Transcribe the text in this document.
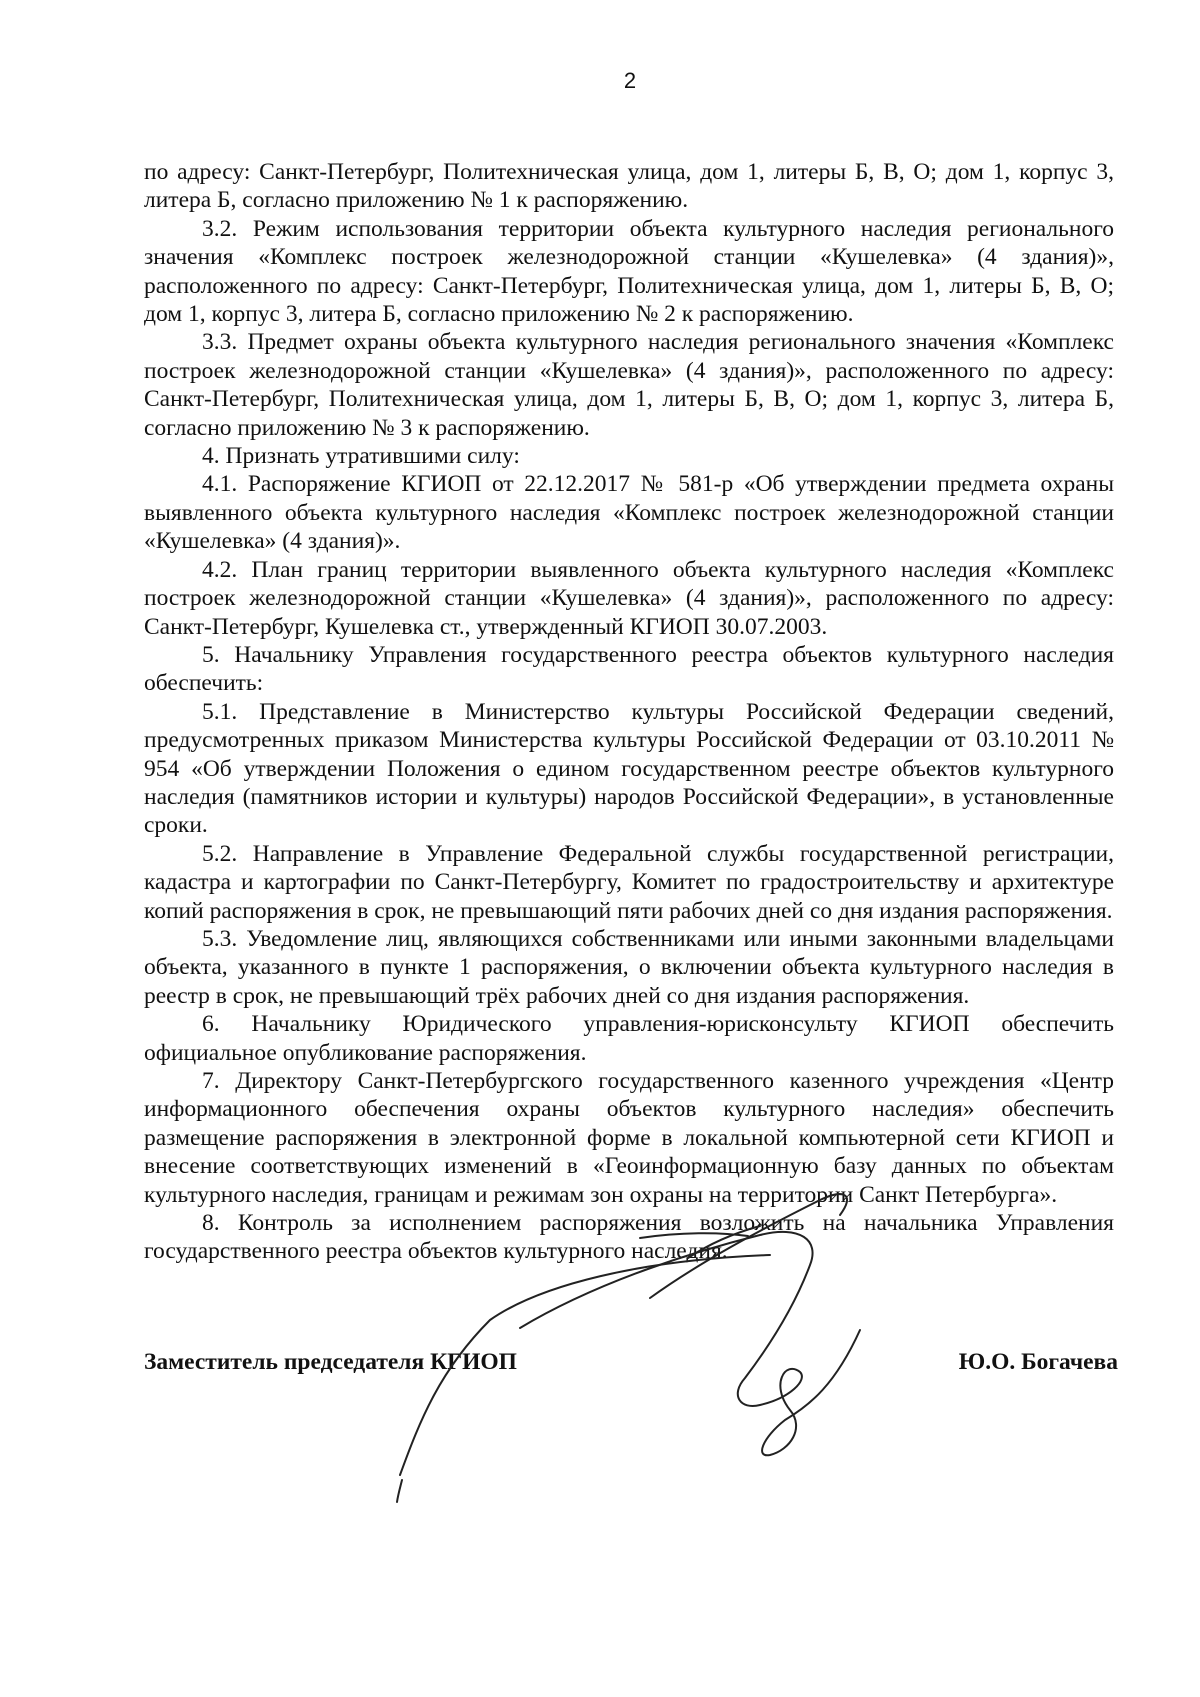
2

по адресу: Санкт-Петербург, Политехническая улица, дом 1, литеры Б, В, О; дом 1, корпус 3, литера Б, согласно приложению № 1 к распоряжению.

3.2. Режим использования территории объекта культурного наследия регионального значения «Комплекс построек железнодорожной станции «Кушелевка» (4 здания)», расположенного по адресу: Санкт-Петербург, Политехническая улица, дом 1, литеры Б, В, О; дом 1, корпус 3, литера Б, согласно приложению № 2 к распоряжению.

3.3. Предмет охраны объекта культурного наследия регионального значения «Комплекс построек железнодорожной станции «Кушелевка» (4 здания)», расположенного по адресу: Санкт-Петербург, Политехническая улица, дом 1, литеры Б, В, О; дом 1, корпус 3, литера Б, согласно приложению № 3 к распоряжению.

4. Признать утратившими силу:

4.1. Распоряжение КГИОП от 22.12.2017 № 581-р «Об утверждении предмета охраны выявленного объекта культурного наследия «Комплекс построек железнодорожной станции «Кушелевка» (4 здания)».

4.2. План границ территории выявленного объекта культурного наследия «Комплекс построек железнодорожной станции «Кушелевка» (4 здания)», расположенного по адресу: Санкт-Петербург, Кушелевка ст., утвержденный КГИОП 30.07.2003.

5. Начальнику Управления государственного реестра объектов культурного наследия обеспечить:

5.1. Представление в Министерство культуры Российской Федерации сведений, предусмотренных приказом Министерства культуры Российской Федерации от 03.10.2011 № 954 «Об утверждении Положения о едином государственном реестре объектов культурного наследия (памятников истории и культуры) народов Российской Федерации», в установленные сроки.

5.2. Направление в Управление Федеральной службы государственной регистрации, кадастра и картографии по Санкт-Петербургу, Комитет по градостроительству и архитектуре копий распоряжения в срок, не превышающий пяти рабочих дней со дня издания распоряжения.

5.3. Уведомление лиц, являющихся собственниками или иными законными владельцами объекта, указанного в пункте 1 распоряжения, о включении объекта культурного наследия в реестр в срок, не превышающий трёх рабочих дней со дня издания распоряжения.

6. Начальнику Юридического управления-юрисконсульту КГИОП обеспечить официальное опубликование распоряжения.

7. Директору Санкт-Петербургского государственного казенного учреждения «Центр информационного обеспечения охраны объектов культурного наследия» обеспечить размещение распоряжения в электронной форме в локальной компьютерной сети КГИОП и внесение соответствующих изменений в «Геоинформационную базу данных по объектам культурного наследия, границам и режимам зон охраны на территории Санкт Петербурга».

8. Контроль за исполнением распоряжения возложить на начальника Управления государственного реестра объектов культурного наследия.

Заместитель председателя КГИОП	Ю.О. Богачева
